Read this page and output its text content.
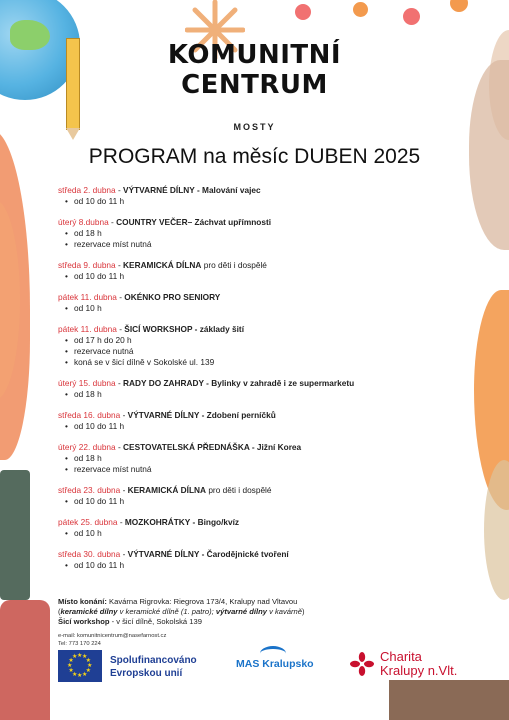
KOMUNITNÍ
CENTRUM
MOSTY
PROGRAM na měsíc DUBEN 2025
středa 2. dubna - VÝTVARNÉ DÍLNY - Malování vajec
• od 10 do 11 h
úterý 8.dubna - COUNTRY VEČER– Záchvat upřímnosti
• od 18 h
• rezervace míst nutná
středa 9. dubna - KERAMICKÁ DÍLNA pro děti i dospělé
• od 10 do 11 h
pátek 11. dubna - OKÉNKO PRO SENIORY
• od 10 h
pátek 11. dubna - ŠICÍ WORKSHOP - základy šití
• od 17 h do 20 h
• rezervace nutná
• koná se v šicí dílně v Sokolské ul. 139
úterý 15. dubna - RADY DO ZAHRADY - Bylinky v zahradě i ze supermarketu
• od 18 h
středa 16. dubna - VÝTVARNÉ DÍLNY - Zdobení perníčků
• od 10 do 11 h
úterý 22. dubna - CESTOVATELSKÁ PŘEDNÁŠKA - Jižní Korea
• od 18 h
• rezervace míst nutná
středa 23. dubna - KERAMICKÁ DÍLNA pro děti i dospělé
• od 10 do 11 h
pátek 25. dubna - MOZKOHRÁTKY - Bingo/kvíz
• od 10 h
středa 30. dubna - VÝTVARNÉ DÍLNY - Čarodějnické tvoření
• od 10 do 11 h
Místo konání: Kavárna Rigrovka: Riegrova 173/4, Kralupy nad Vltavou
(keramické dílny v keramické dílně (1. patro); výtvarné dílny v kavárně)
Šicí workshop - v šicí dílně, Sokolská 139
e-mail: komunitnicentrum@nasefarnost.cz
Tel: 773 170 224
★
★
★
★
★
★
★
★
★ ★ ★
★ Spolufinancováno
Evropskou unií
MAS Kralupsko	Charita
Kralupy n.Vlt.
